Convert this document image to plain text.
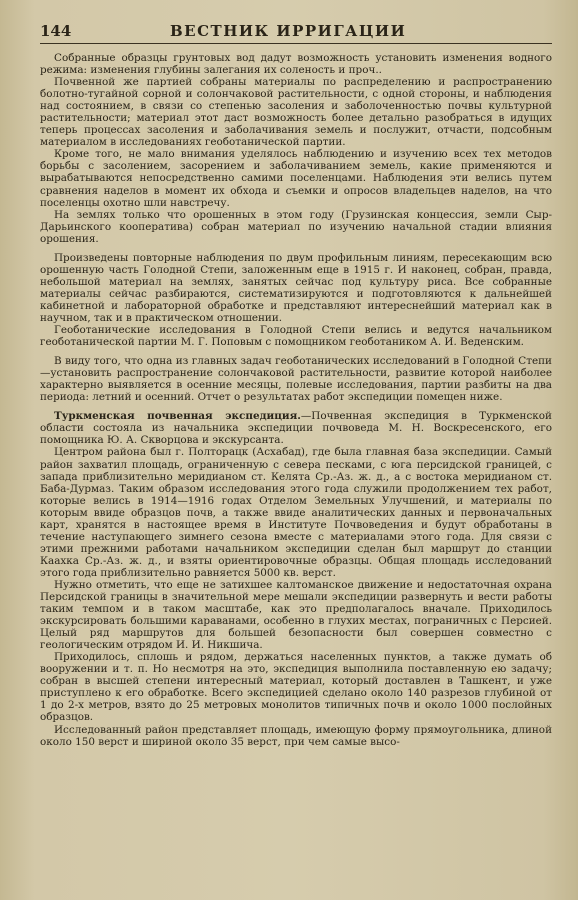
144	ВЕСТНИК ИРРИГАЦИИ

Собранные образцы грунтовых вод дадут возможность установить изменения водного режима: изменения глубины залегания их соленость и проч..

Почвенной же партией собраны материалы по распределению и распространению болотно-тугайной сорной и солончаковой растительности, с одной стороны, и наблюдения над состоянием, в связи со степенью засоления и заболоченностью почвы культурной растительности; материал этот даст возможность более детально разобраться в идущих теперь процессах засоления и заболачивания земель и послужит, отчасти, подсобным материалом в исследованиях геоботанической партии.

Кроме того, не мало внимания уделялось наблюдению и изучению всех тех методов борьбы с засолением, засорением и заболачиванием земель, какие применяются и вырабатываются непосредственно самими поселенцами. Наблюдения эти велись путем сравнения наделов в момент их обхода и съемки и опросов владельцев наделов, на что поселенцы охотно шли навстречу.

На землях только что орошенных в этом году (Грузинская концессия, земли Сыр-Дарьинского кооператива) собран материал по изучению начальной стадии влияния орошения.

Произведены повторные наблюдения по двум профильным линиям, пересекающим всю орошенную часть Голодной Степи, заложенным еще в 1915 г. И наконец, собран, правда, небольшой материал на землях, занятых сейчас под культуру риса. Все собранные материалы сейчас разбираются, систематизируются и подготовляются к дальнейшей кабинетной и лабораторной обработке и представляют интереснейший материал как в научном, так и в практическом отношении.

Геоботанические исследования в Голодной Степи велись и ведутся начальником геоботанической партии М. Г. Поповым с помощником геоботаником А. И. Веденским.

В виду того, что одна из главных задач геоботанических исследований в Голодной Степи—установить распространение солончаковой растительности, развитие которой наиболее характерно выявляется в осенние месяцы, полевые исследования, партии разбиты на два периода: летний и осенний. Отчет о результатах работ экспедиции помещен ниже.

Туркменская почвенная экспедиция.—Почвенная экспедиция в Туркменской области состояла из начальника экспедиции почвоведа М. Н. Воскресенского, его помощника Ю. А. Скворцова и экскурсанта.

Центром района был г. Полторацк (Асхабад), где была главная база экспедиции. Самый район захватил площадь, ограниченную с севера песками, с юга персидской границей, с запада приблизительно меридианом ст. Келята Ср.-Аз. ж. д., а с востока меридианом ст. Баба-Дурмаз. Таким образом исследования этого года служили продолжением тех работ, которые велись в 1914—1916 годах Отделом Земельных Улучшений, и материалы по которым ввиде образцов почв, а также ввиде аналитических данных и первоначальных карт, хранятся в настоящее время в Институте Почвоведения и будут обработаны в течение наступающего зимнего сезона вместе с материалами этого года. Для связи с этими прежними работами начальником экспедиции сделан был маршрут до станции Каахка Ср.-Аз. ж. д., и взяты ориентировочные образцы. Общая площадь исследований этого года приблизительно равняется 5000 кв. верст.

Нужно отметить, что еще не затихшее калтоманское движение и недостаточная охрана Персидской границы в значительной мере мешали экспедиции развернуть и вести работы таким темпом и в таком масштабе, как это предполагалось вначале. Приходилось экскурсировать большими караванами, особенно в глухих местах, пограничных с Персией. Целый ряд маршрутов для большей безопасности был совершен совместно с геологическим отрядом И. И. Никшича.

Приходилось, сплошь и рядом, держаться населенных пунктов, а также думать об вооружении и т. п. Но несмотря на это, экспедиция выполнила поставленную ею задачу; собран в высшей степени интересный материал, который доставлен в Ташкент, и уже приступлено к его обработке. Всего экспедицией сделано около 140 разрезов глубиной от 1 до 2-х метров, взято до 25 метровых монолитов типичных почв и около 1000 послойных образцов.

Исследованный район представляет площадь, имеющую форму прямоугольника, длиной около 150 верст и шириной около 35 верст, при чем самые высо-
